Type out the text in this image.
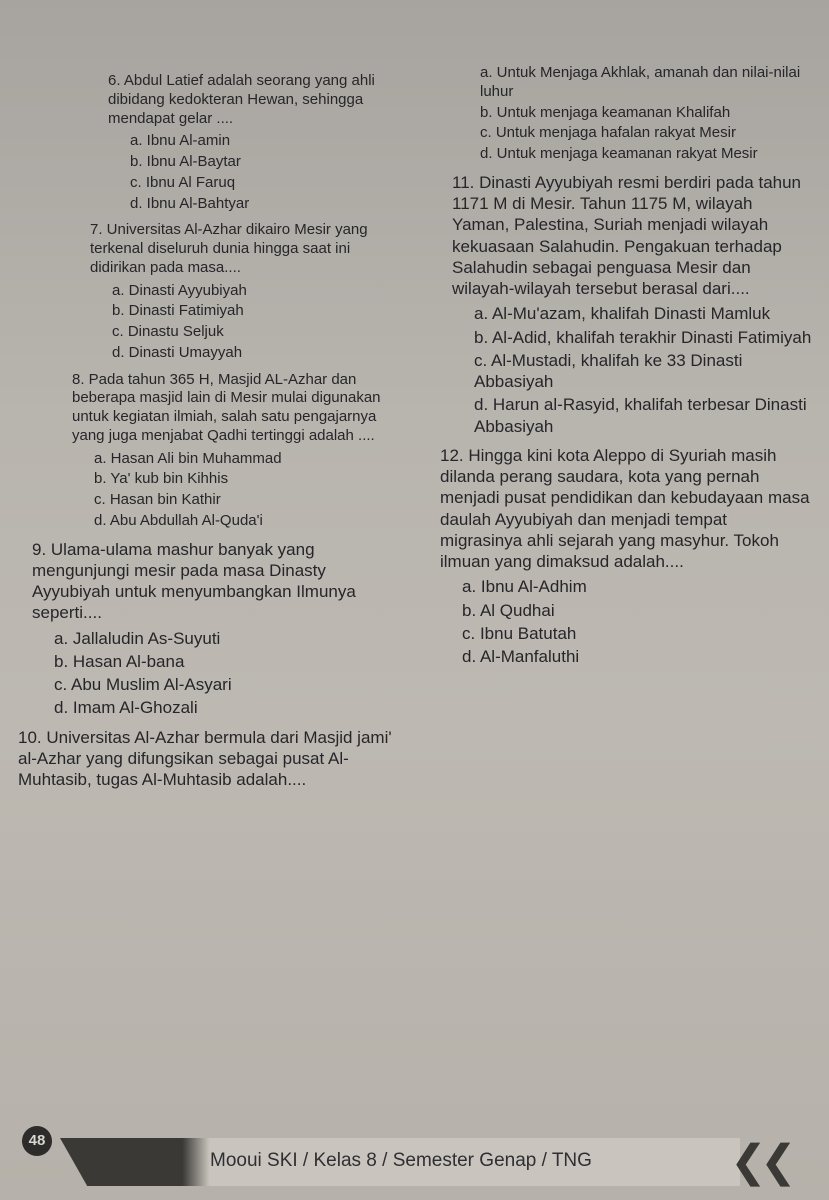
6. Abdul Latief adalah seorang yang ahli dibidang kedokteran Hewan, sehingga mendapat gelar ....

a. Ibnu Al-amin

b. Ibnu Al-Baytar

c. Ibnu Al Faruq

d. Ibnu Al-Bahtyar

7. Universitas Al-Azhar dikairo Mesir yang terkenal diseluruh dunia hingga saat ini didirikan pada masa....

a. Dinasti Ayyubiyah

b. Dinasti Fatimiyah

c. Dinastu Seljuk

d. Dinasti Umayyah

8. Pada tahun 365 H, Masjid AL-Azhar dan beberapa masjid lain di Mesir mulai digunakan untuk kegiatan ilmiah, salah satu pengajarnya yang juga menjabat Qadhi tertinggi adalah ....

a. Hasan Ali bin Muhammad

b. Ya' kub bin Kihhis

c. Hasan bin Kathir

d. Abu Abdullah Al-Quda'i

9. Ulama-ulama mashur banyak yang mengunjungi mesir pada masa Dinasty Ayyubiyah untuk menyumbangkan Ilmunya seperti....

a. Jallaludin As-Suyuti

b. Hasan Al-bana

c. Abu Muslim Al-Asyari

d. Imam Al-Ghozali

10. Universitas Al-Azhar bermula dari Masjid jami' al-Azhar yang difungsikan sebagai pusat Al-Muhtasib, tugas Al-Muhtasib adalah....

a. Untuk Menjaga Akhlak, amanah dan nilai-nilai luhur

b. Untuk menjaga keamanan Khalifah

c. Untuk menjaga hafalan rakyat Mesir

d. Untuk menjaga keamanan rakyat Mesir

11. Dinasti Ayyubiyah resmi berdiri pada tahun 1171 M di Mesir. Tahun 1175 M, wilayah Yaman, Palestina, Suriah menjadi wilayah kekuasaan Salahudin. Pengakuan terhadap Salahudin sebagai penguasa Mesir dan wilayah-wilayah tersebut berasal dari....

a. Al-Mu'azam, khalifah Dinasti Mamluk

b. Al-Adid, khalifah terakhir Dinasti Fatimiyah

c. Al-Mustadi, khalifah ke 33 Dinasti Abbasiyah

d. Harun al-Rasyid, khalifah terbesar Dinasti Abbasiyah

12. Hingga kini kota Aleppo di Syuriah masih dilanda perang saudara, kota yang pernah menjadi pusat pendidikan dan kebudayaan masa daulah Ayyubiyah dan menjadi tempat migrasinya ahli sejarah yang masyhur. Tokoh ilmuan yang dimaksud adalah....

a. Ibnu Al-Adhim

b. Al Qudhai

c. Ibnu Batutah

d. Al-Manfaluthi

48
Mooui SKI / Kelas 8 / Semester Genap / TNG	❮
❮
